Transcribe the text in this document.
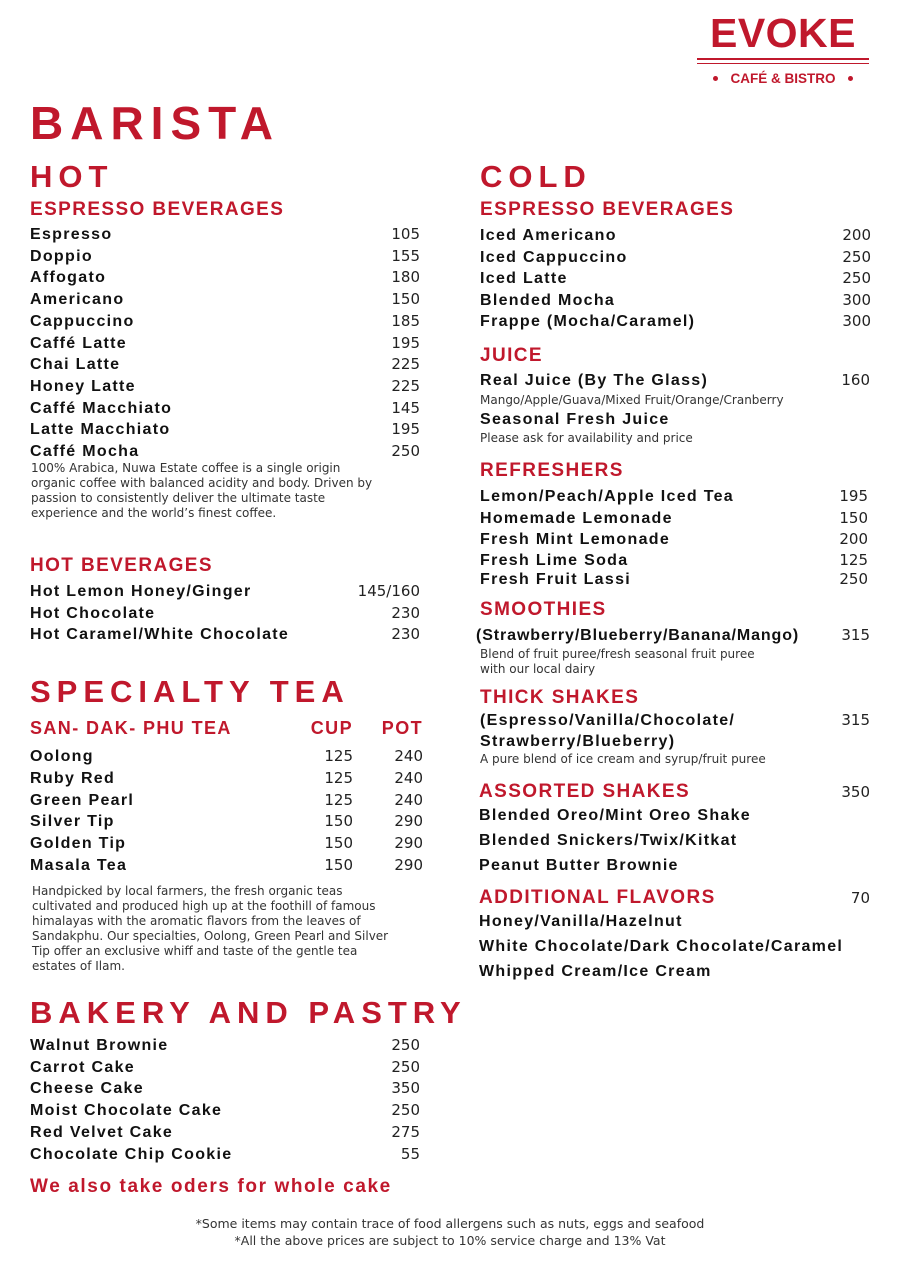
EVOKE
CAFÉ & BISTRO
BARISTA
HOT
ESPRESSO BEVERAGES
Espresso	105
Doppio	155
Affogato	180
Americano	150
Cappuccino	185
Caffé Latte	195
Chai Latte	225
Honey Latte	225
Caffé Macchiato	145
Latte Macchiato	195
Caffé Mocha	250
100% Arabica, Nuwa Estate coffee is a single origin organic coffee with balanced acidity and body. Driven by passion to consistently deliver the ultimate taste experience and the world’s finest coffee.
HOT BEVERAGES
Hot Lemon Honey/Ginger	145/160
Hot Chocolate	230
Hot Caramel/White Chocolate	230
SPECIALTY TEA
SAN- DAK- PHU TEA	CUP	POT
Oolong	125	240
Ruby Red	125	240
Green Pearl	125	240
Silver Tip	150	290
Golden Tip	150	290
Masala Tea	150	290
Handpicked by local farmers, the fresh organic teas cultivated and produced high up at the foothill of famous himalayas with the aromatic flavors from the leaves of Sandakphu. Our specialties, Oolong, Green Pearl and Silver Tip offer an exclusive whiff and taste of the gentle tea estates of Ilam.
BAKERY AND PASTRY
Walnut Brownie	250
Carrot Cake	250
Cheese Cake	350
Moist Chocolate Cake	250
Red Velvet Cake	275
Chocolate Chip Cookie	55
We also take oders for whole cake
COLD
ESPRESSO BEVERAGES
Iced Americano	200
Iced Cappuccino	250
Iced Latte	250
Blended Mocha	300
Frappe (Mocha/Caramel)	300
JUICE
Real Juice (By The Glass)	160
Mango/Apple/Guava/Mixed Fruit/Orange/Cranberry
Seasonal Fresh Juice
Please ask for availability and price
REFRESHERS
Lemon/Peach/Apple Iced Tea	195
Homemade Lemonade	150
Fresh Mint Lemonade	200
Fresh Lime Soda	125
Fresh Fruit Lassi	250
SMOOTHIES
(Strawberry/Blueberry/Banana/Mango)	315
Blend of fruit puree/fresh seasonal fruit puree
with our local dairy
THICK SHAKES
(Espresso/Vanilla/Chocolate/	315
Strawberry/Blueberry)
A pure blend of ice cream and syrup/fruit puree
ASSORTED SHAKES	350
Blended Oreo/Mint Oreo Shake
Blended Snickers/Twix/Kitkat
Peanut Butter Brownie
ADDITIONAL FLAVORS	70
Honey/Vanilla/Hazelnut
White Chocolate/Dark Chocolate/Caramel
Whipped Cream/Ice Cream
*Some items may contain trace of food allergens such as nuts, eggs and seafood
*All the above prices are subject to 10% service charge and 13% Vat
